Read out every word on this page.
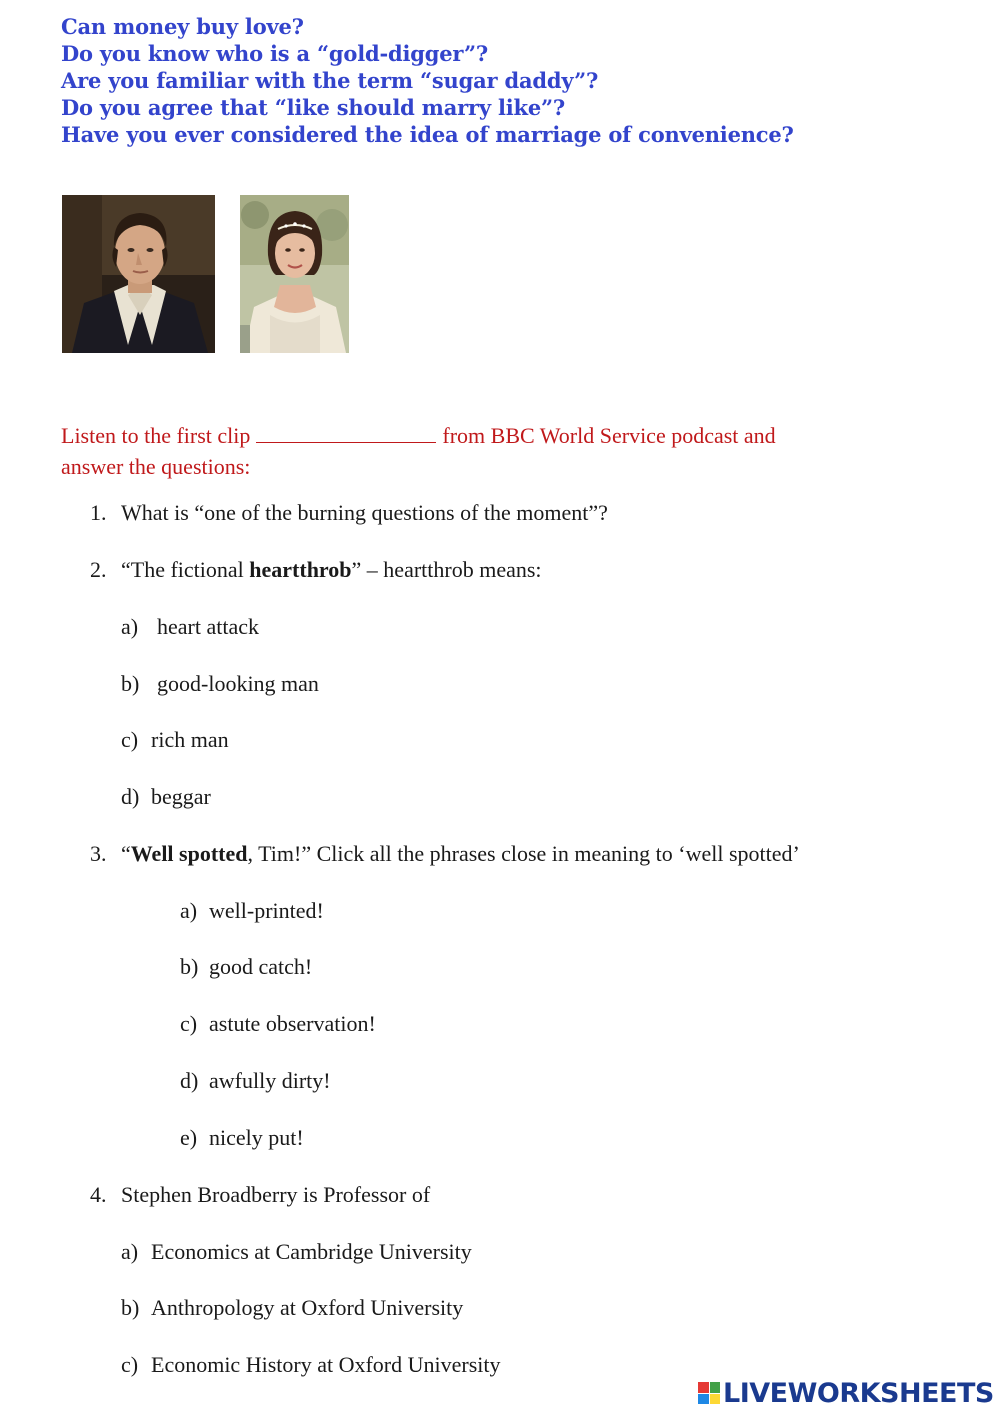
Can money buy love?
Do you know who is a “gold-digger”?
Are you familiar with the term “sugar daddy”?
Do you agree that “like should marry like”?
Have you ever considered the idea of marriage of convenience?
Listen to the first clip	from BBC World Service podcast and
answer the questions:
1. What is “one of the burning questions of the moment”?
2. “The fictional heartthrob” – heartthrob means:
a) heart attack
b) good-looking man
c) rich man
d) beggar
3. “Well spotted, Tim!” Click all the phrases close in meaning to ‘well spotted’
a) well-printed!
b) good catch!
c) astute observation!
d) awfully dirty!
e) nicely put!
4. Stephen Broadberry is Professor of
a) Economics at Cambridge University
b) Anthropology at Oxford University
c) Economic History at Oxford University
LIVEWORKSHEETS
